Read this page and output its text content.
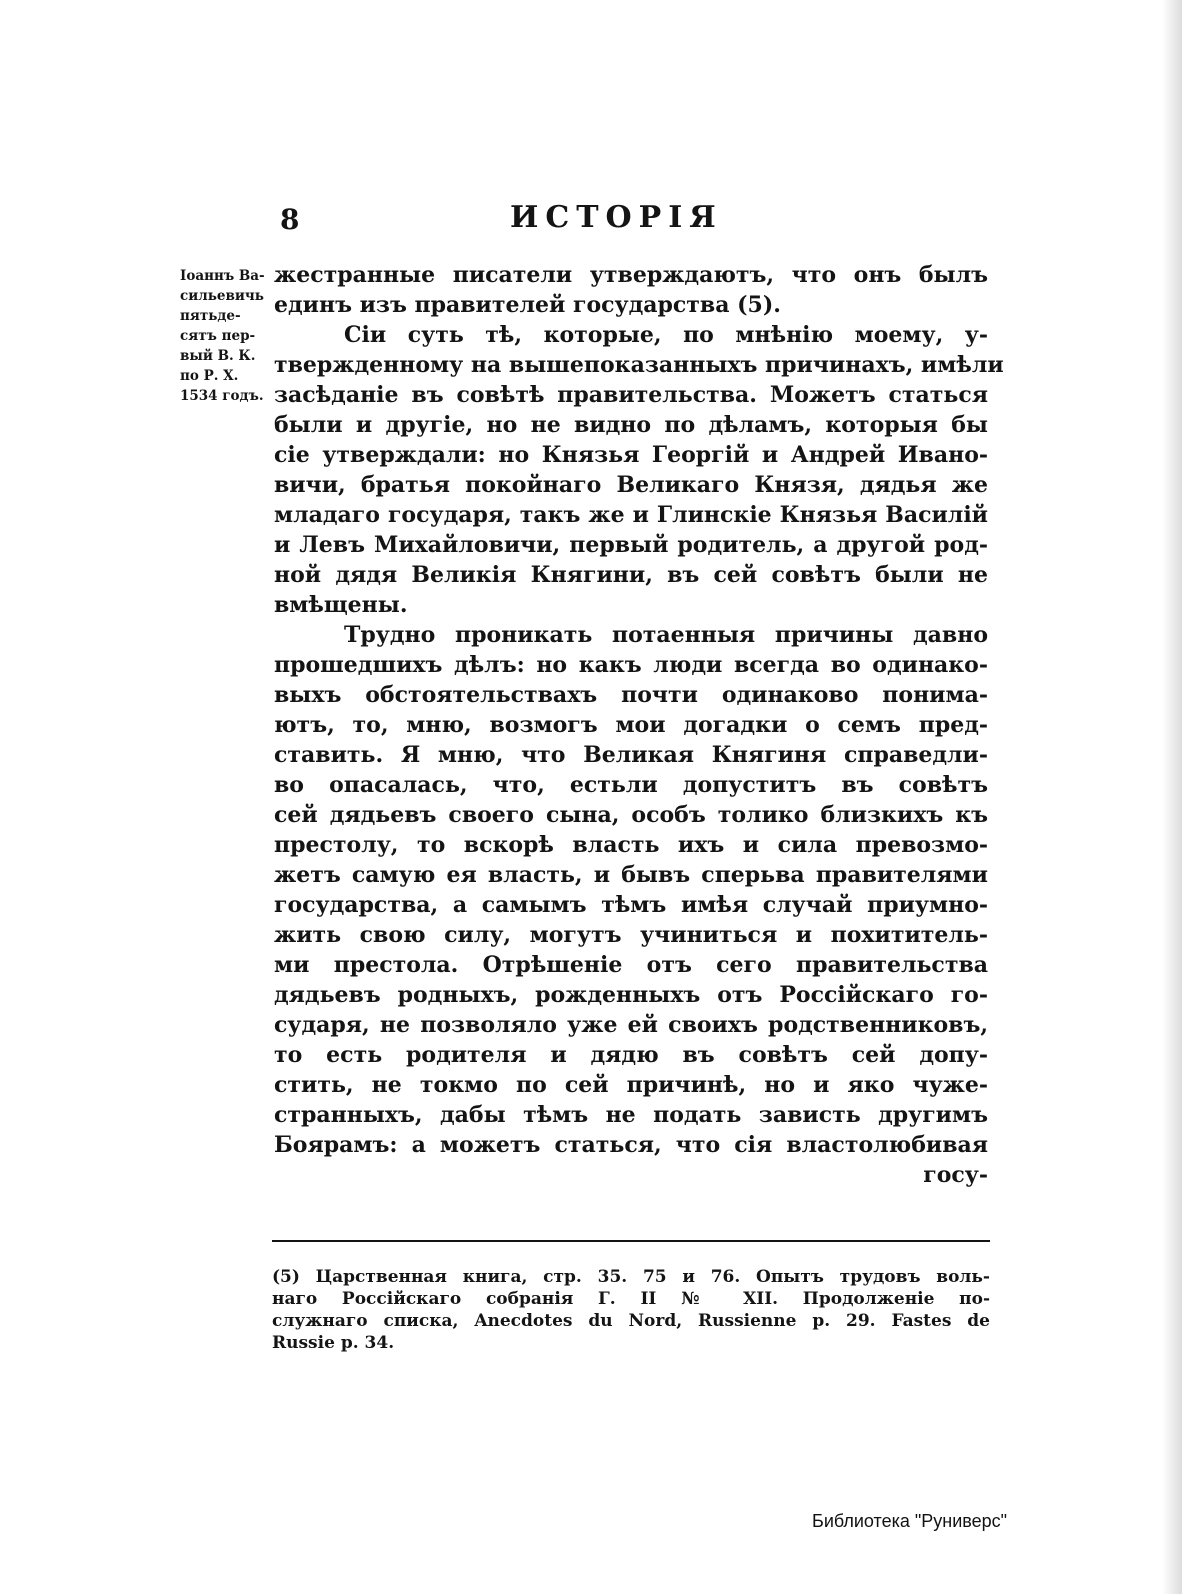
8	ИСТОРІЯ
Іоаннъ Ва-
сильевичь
пятьде-
сятъ пер-
вый В. К.
по Р. Х.
1534 годъ.
жестранные писатели утверждаютъ, что онъ былъ
единъ изъ правителей государства (5).
Сіи суть тѣ, которые, по мнѣнію моему, у-
твержденному на вышепоказанныхъ причинахъ, имѣли
засѣданіе въ совѣтѣ правительства. Можетъ статься
были и другіе, но не видно по дѣламъ, которыя бы
сіе утверждали: но Князья Георгій и Андрей Ивано-
вичи, братья покойнаго Великаго Князя, дядья же
младаго государя, такъ же и Глинскіе Князья Василій
и Левъ Михайловичи, первый родитель, а другой род-
ной дядя Великія Княгини, въ сей совѣтъ были не
вмѣщены.
Трудно проникать потаенныя причины давно
прошедшихъ дѣлъ: но какъ люди всегда во одинако-
выхъ обстоятельствахъ почти одинаково понима-
ютъ, то, мню, возмогъ мои догадки о семъ пред-
ставить. Я мню, что Великая Княгиня справедли-
во опасалась, что, естьли допуститъ въ совѣтъ
сей дядьевъ своего сына, особъ толико близкихъ къ
престолу, то вскорѣ власть ихъ и сила превозмо-
жетъ самую ея власть, и бывъ сперьва правителями
государства, а самымъ тѣмъ имѣя случай приумно-
жить свою силу, могутъ учиниться и похититель-
ми престола. Отрѣшеніе отъ сего правительства
дядьевъ родныхъ, рожденныхъ отъ Россійскаго го-
сударя, не позволяло уже ей своихъ родственниковъ,
то есть родителя и дядю въ совѣтъ сей допу-
стить, не токмо по сей причинѣ, но и яко чуже-
странныхъ, дабы тѣмъ не подать зависть другимъ
Боярамъ: а можетъ статься, что сія властолюбивая
госу-
(5) Царственная книга, стр. 35. 75 и 76. Опытъ трудовъ воль-
наго Россійскаго собранія Г. II № XII. Продолженіе по-
служнаго списка, Anecdotes du Nord, Russienne p. 29. Fastes de
Russie p. 34.
Библиотека "Руниверс"
